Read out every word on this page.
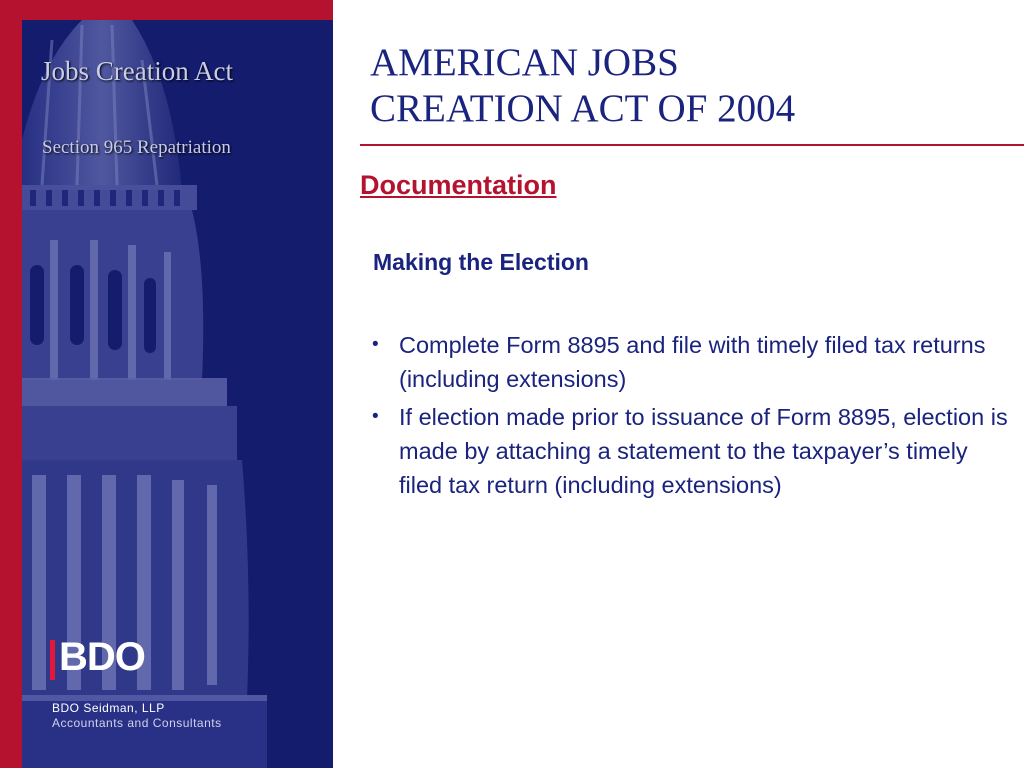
Jobs Creation Act
Section 965 Repatriation
BDO
BDO Seidman, LLP
Accountants and Consultants
AMERICAN JOBS
CREATION ACT OF 2004
Documentation
Making the Election
• Complete Form 8895 and file with timely filed tax returns (including extensions)
• If election made prior to issuance of Form 8895, election is made by attaching a statement to the taxpayer’s timely filed tax return (including extensions)
